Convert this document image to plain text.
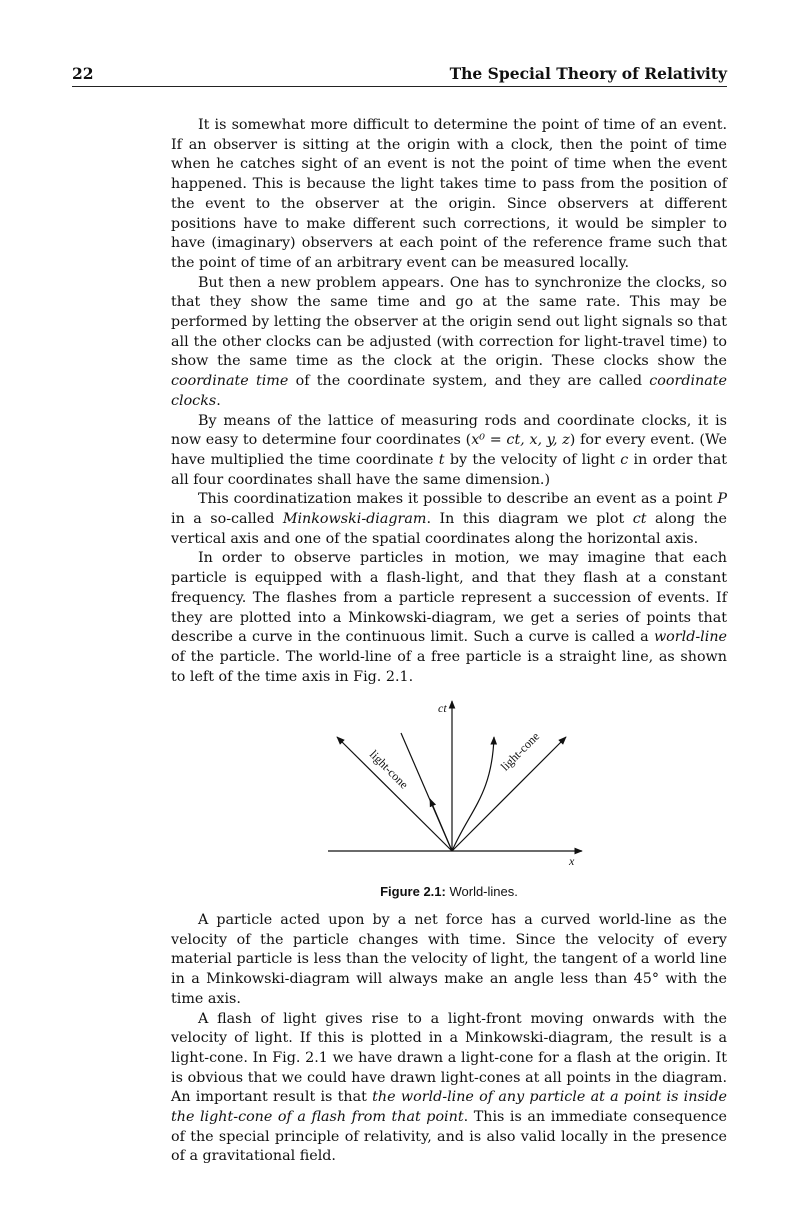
22	The Special Theory of Relativity

It is somewhat more difficult to determine the point of time of an event. If an observer is sitting at the origin with a clock, then the point of time when he catches sight of an event is not the point of time when the event happened. This is because the light takes time to pass from the position of the event to the observer at the origin. Since observers at different positions have to make different such corrections, it would be simpler to have (imaginary) observers at each point of the reference frame such that the point of time of an arbitrary event can be measured locally.

But then a new problem appears. One has to synchronize the clocks, so that they show the same time and go at the same rate. This may be performed by letting the observer at the origin send out light signals so that all the other clocks can be adjusted (with correction for light-travel time) to show the same time as the clock at the origin. These clocks show the coordinate time of the coordinate system, and they are called coordinate clocks.

By means of the lattice of measuring rods and coordinate clocks, it is now easy to determine four coordinates (x⁰ = ct, x, y, z) for every event. (We have multiplied the time coordinate t by the velocity of light c in order that all four coordinates shall have the same dimension.)

This coordinatization makes it possible to describe an event as a point P in a so-called Minkowski-diagram. In this diagram we plot ct along the vertical axis and one of the spatial coordinates along the horizontal axis.

In order to observe particles in motion, we may imagine that each particle is equipped with a flash-light, and that they flash at a constant frequency. The flashes from a particle represent a succession of events. If they are plotted into a Minkowski-diagram, we get a series of points that describe a curve in the continuous limit. Such a curve is called a world-line of the particle. The world-line of a free particle is a straight line, as shown to left of the time axis in Fig. 2.1.

ct
x
light-cone	light-cone
Figure 2.1: World-lines.

A particle acted upon by a net force has a curved world-line as the velocity of the particle changes with time. Since the velocity of every material particle is less than the velocity of light, the tangent of a world line in a Minkowski-diagram will always make an angle less than 45° with the time axis.

A flash of light gives rise to a light-front moving onwards with the velocity of light. If this is plotted in a Minkowski-diagram, the result is a light-cone. In Fig. 2.1 we have drawn a light-cone for a flash at the origin. It is obvious that we could have drawn light-cones at all points in the diagram. An important result is that the world-line of any particle at a point is inside the light-cone of a flash from that point. This is an immediate consequence of the special principle of relativity, and is also valid locally in the presence of a gravitational field.
